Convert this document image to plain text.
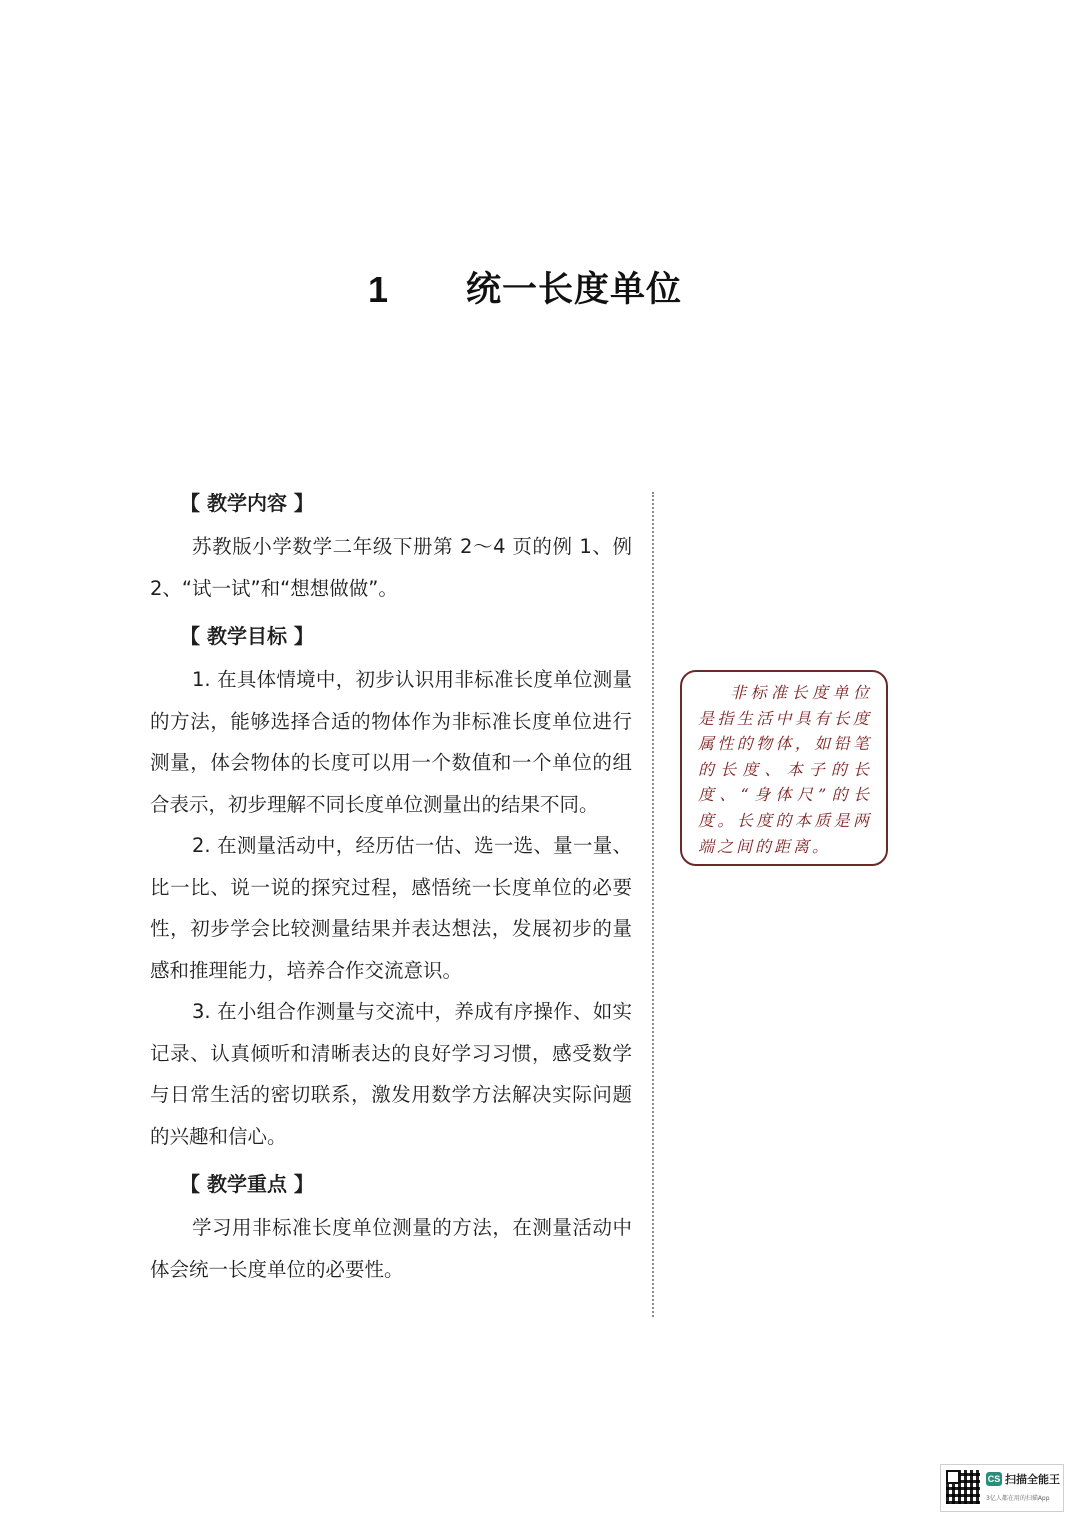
1 统一长度单位
【 教学内容 】

苏教版小学数学二年级下册第 2～4 页的例 1、例 2、“试一试”和“想想做做”。

【 教学目标 】

1. 在具体情境中，初步认识用非标准长度单位测量的方法，能够选择合适的物体作为非标准长度单位进行测量，体会物体的长度可以用一个数值和一个单位的组合表示，初步理解不同长度单位测量出的结果不同。

2. 在测量活动中，经历估一估、选一选、量一量、比一比、说一说的探究过程，感悟统一长度单位的必要性，初步学会比较测量结果并表达想法，发展初步的量感和推理能力，培养合作交流意识。

3. 在小组合作测量与交流中，养成有序操作、如实记录、认真倾听和清晰表达的良好学习习惯，感受数学与日常生活的密切联系，激发用数学方法解决实际问题的兴趣和信心。

【 教学重点 】

学习用非标准长度单位测量的方法，在测量活动中体会统一长度单位的必要性。

非标准长度单位是指生活中具有长度属性的物体，如铅笔的长度、本子的长度、“身体尺”的长度。长度的本质是两端之间的距离。
CS 扫描全能王
3亿人都在用的扫描App
